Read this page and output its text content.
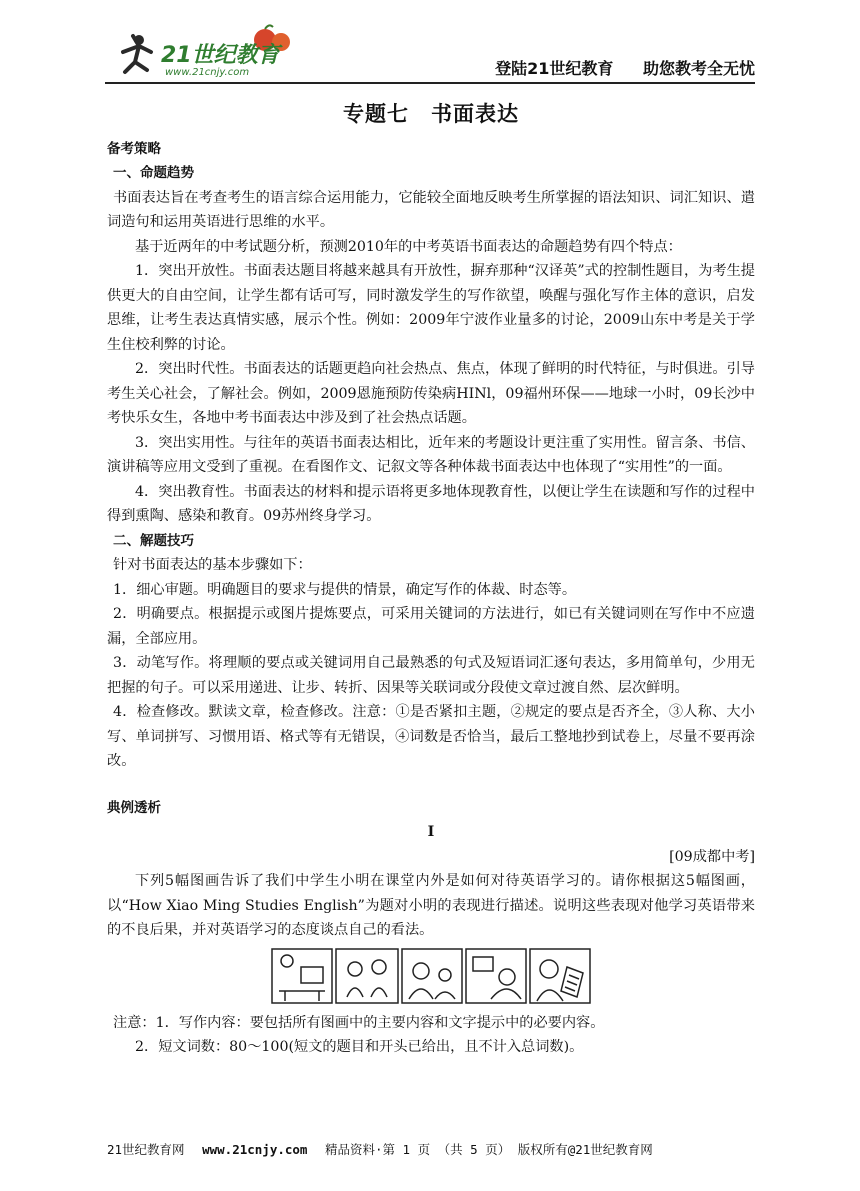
21世纪教育
www.21cnjy.com	登陆21世纪教育 助您教考全无忧
专题七　书面表达
备考策略
一、命题趋势

书面表达旨在考查考生的语言综合运用能力，它能较全面地反映考生所掌握的语法知识、词汇知识、遣词造句和运用英语进行思维的水平。

基于近两年的中考试题分析，预测2010年的中考英语书面表达的命题趋势有四个特点：

1．突出开放性。书面表达题目将越来越具有开放性，摒弃那种“汉译英”式的控制性题目，为考生提供更大的自由空间，让学生都有话可写，同时激发学生的写作欲望，唤醒与强化写作主体的意识，启发思维，让考生表达真情实感，展示个性。例如：2009年宁波作业量多的讨论，2009山东中考是关于学生住校利弊的讨论。

2．突出时代性。书面表达的话题更趋向社会热点、焦点，体现了鲜明的时代特征，与时俱进。引导考生关心社会，了解社会。例如，2009恩施预防传染病HINl，09福州环保——地球一小时，09长沙中考快乐女生，各地中考书面表达中涉及到了社会热点话题。

3．突出实用性。与往年的英语书面表达相比，近年来的考题设计更注重了实用性。留言条、书信、演讲稿等应用文受到了重视。在看图作文、记叙文等各种体裁书面表达中也体现了“实用性”的一面。

4．突出教育性。书面表达的材料和提示语将更多地体现教育性，以便让学生在读题和写作的过程中得到熏陶、感染和教育。09苏州终身学习。

二、解题技巧

针对书面表达的基本步骤如下：

1．细心审题。明确题目的要求与提供的情景，确定写作的体裁、时态等。

2．明确要点。根据提示或图片提炼要点，可采用关键词的方法进行，如已有关键词则在写作中不应遗漏，全部应用。

3．动笔写作。将理顺的要点或关键词用自己最熟悉的句式及短语词汇逐句表达，多用简单句，少用无把握的句子。可以采用递进、让步、转折、因果等关联词或分段使文章过渡自然、层次鲜明。

4．检查修改。默读文章，检查修改。注意：①是否紧扣主题，②规定的要点是否齐全，③人称、大小写、单词拼写、习惯用语、格式等有无错误，④词数是否恰当，最后工整地抄到试卷上，尽量不要再涂改。

典例透析
I
[09成都中考]

下列5幅图画告诉了我们中学生小明在课堂内外是如何对待英语学习的。请你根据这5幅图画，以“How Xiao Ming Studies English”为题对小明的表现进行描述。说明这些表现对他学习英语带来的不良后果，并对英语学习的态度谈点自己的看法。

注意：1．写作内容：要包括所有图画中的主要内容和文字提示中的必要内容。

2．短文词数：80～100(短文的题目和开头已给出，且不计入总词数)。

21世纪教育网 www.21cnjy.com 精品资料·第 1 页 （共 5 页） 版权所有@21世纪教育网
